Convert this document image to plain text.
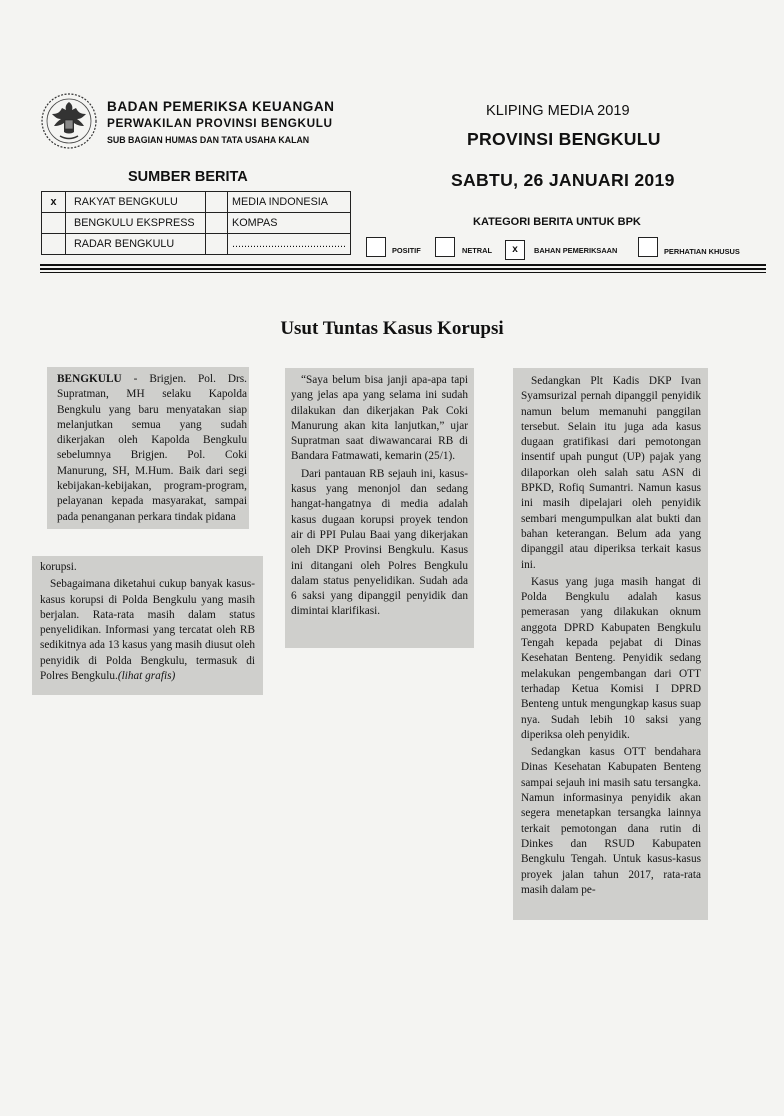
BADAN PEMERIKSA KEUANGAN
PERWAKILAN PROVINSI BENGKULU
SUB BAGIAN HUMAS DAN TATA USAHA KALAN
KLIPING MEDIA 2019
PROVINSI BENGKULU
SABTU, 26 JANUARI 2019
SUMBER BERITA
x	RAKYAT BENGKULU		MEDIA INDONESIA
	BENGKULU EKSPRESS		KOMPAS
	RADAR BENGKULU		......................................
KATEGORI BERITA UNTUK BPK
POSITIF	NETRAL	x	BAHAN PEMERIKSAAN	PERHATIAN KHUSUS
Usut Tuntas Kasus Korupsi

BENGKULU - Brigjen. Pol. Drs. Supratman, MH selaku Kapolda Bengkulu yang baru menyatakan siap melanjutkan semua yang sudah dikerjakan oleh Kapolda Bengkulu sebelumnya Brigjen. Pol. Coki Manurung, SH, M.Hum. Baik dari segi kebijakan-kebijakan, program-program, pelayanan kepada masyarakat, sampai pada penanganan perkara tindak pidana

korupsi.

Sebagaimana diketahui cukup banyak kasus-kasus korupsi di Polda Bengkulu yang masih berjalan. Rata-rata masih dalam status penyelidikan. Informasi yang tercatat oleh RB sedikitnya ada 13 kasus yang masih diusut oleh penyidik di Polda Bengkulu, termasuk di Polres Bengkulu.(lihat grafis)

“Saya belum bisa janji apa-apa tapi yang jelas apa yang selama ini sudah dilakukan dan dikerjakan Pak Coki Manurung akan kita lanjutkan,” ujar Supratman saat diwawancarai RB di Bandara Fatmawati, kemarin (25/1).

Dari pantauan RB sejauh ini, kasus-kasus yang menonjol dan sedang hangat-hangatnya di media adalah kasus dugaan korupsi proyek tendon air di PPI Pulau Baai yang dikerjakan oleh DKP Provinsi Bengkulu. Kasus ini ditangani oleh Polres Bengkulu dalam status penyelidikan. Sudah ada 6 saksi yang dipanggil penyidik dan dimintai klarifikasi.

Sedangkan Plt Kadis DKP Ivan Syamsurizal pernah dipanggil penyidik namun belum memanuhi panggilan tersebut. Selain itu juga ada kasus dugaan gratifikasi dari pemotongan insentif upah pungut (UP) pajak yang dilaporkan oleh salah satu ASN di BPKD, Rofiq Sumantri. Namun kasus ini masih dipelajari oleh penyidik sembari mengumpulkan alat bukti dan bahan keterangan. Belum ada yang dipanggil atau diperiksa terkait kasus ini.

Kasus yang juga masih hangat di Polda Bengkulu adalah kasus pemerasan yang dilakukan oknum anggota DPRD Kabupaten Bengkulu Tengah kepada pejabat di Dinas Kesehatan Benteng. Penyidik sedang melakukan pengembangan dari OTT terhadap Ketua Komisi I DPRD Benteng untuk mengungkap kasus suap nya. Sudah lebih 10 saksi yang diperiksa oleh penyidik.

Sedangkan kasus OTT bendahara Dinas Kesehatan Kabupaten Benteng sampai sejauh ini masih satu tersangka. Namun informasinya penyidik akan segera menetapkan tersangka lainnya terkait pemotongan dana rutin di Dinkes dan RSUD Kabupaten Bengkulu Tengah. Untuk kasus-kasus proyek jalan tahun 2017, rata-rata masih dalam pe-
